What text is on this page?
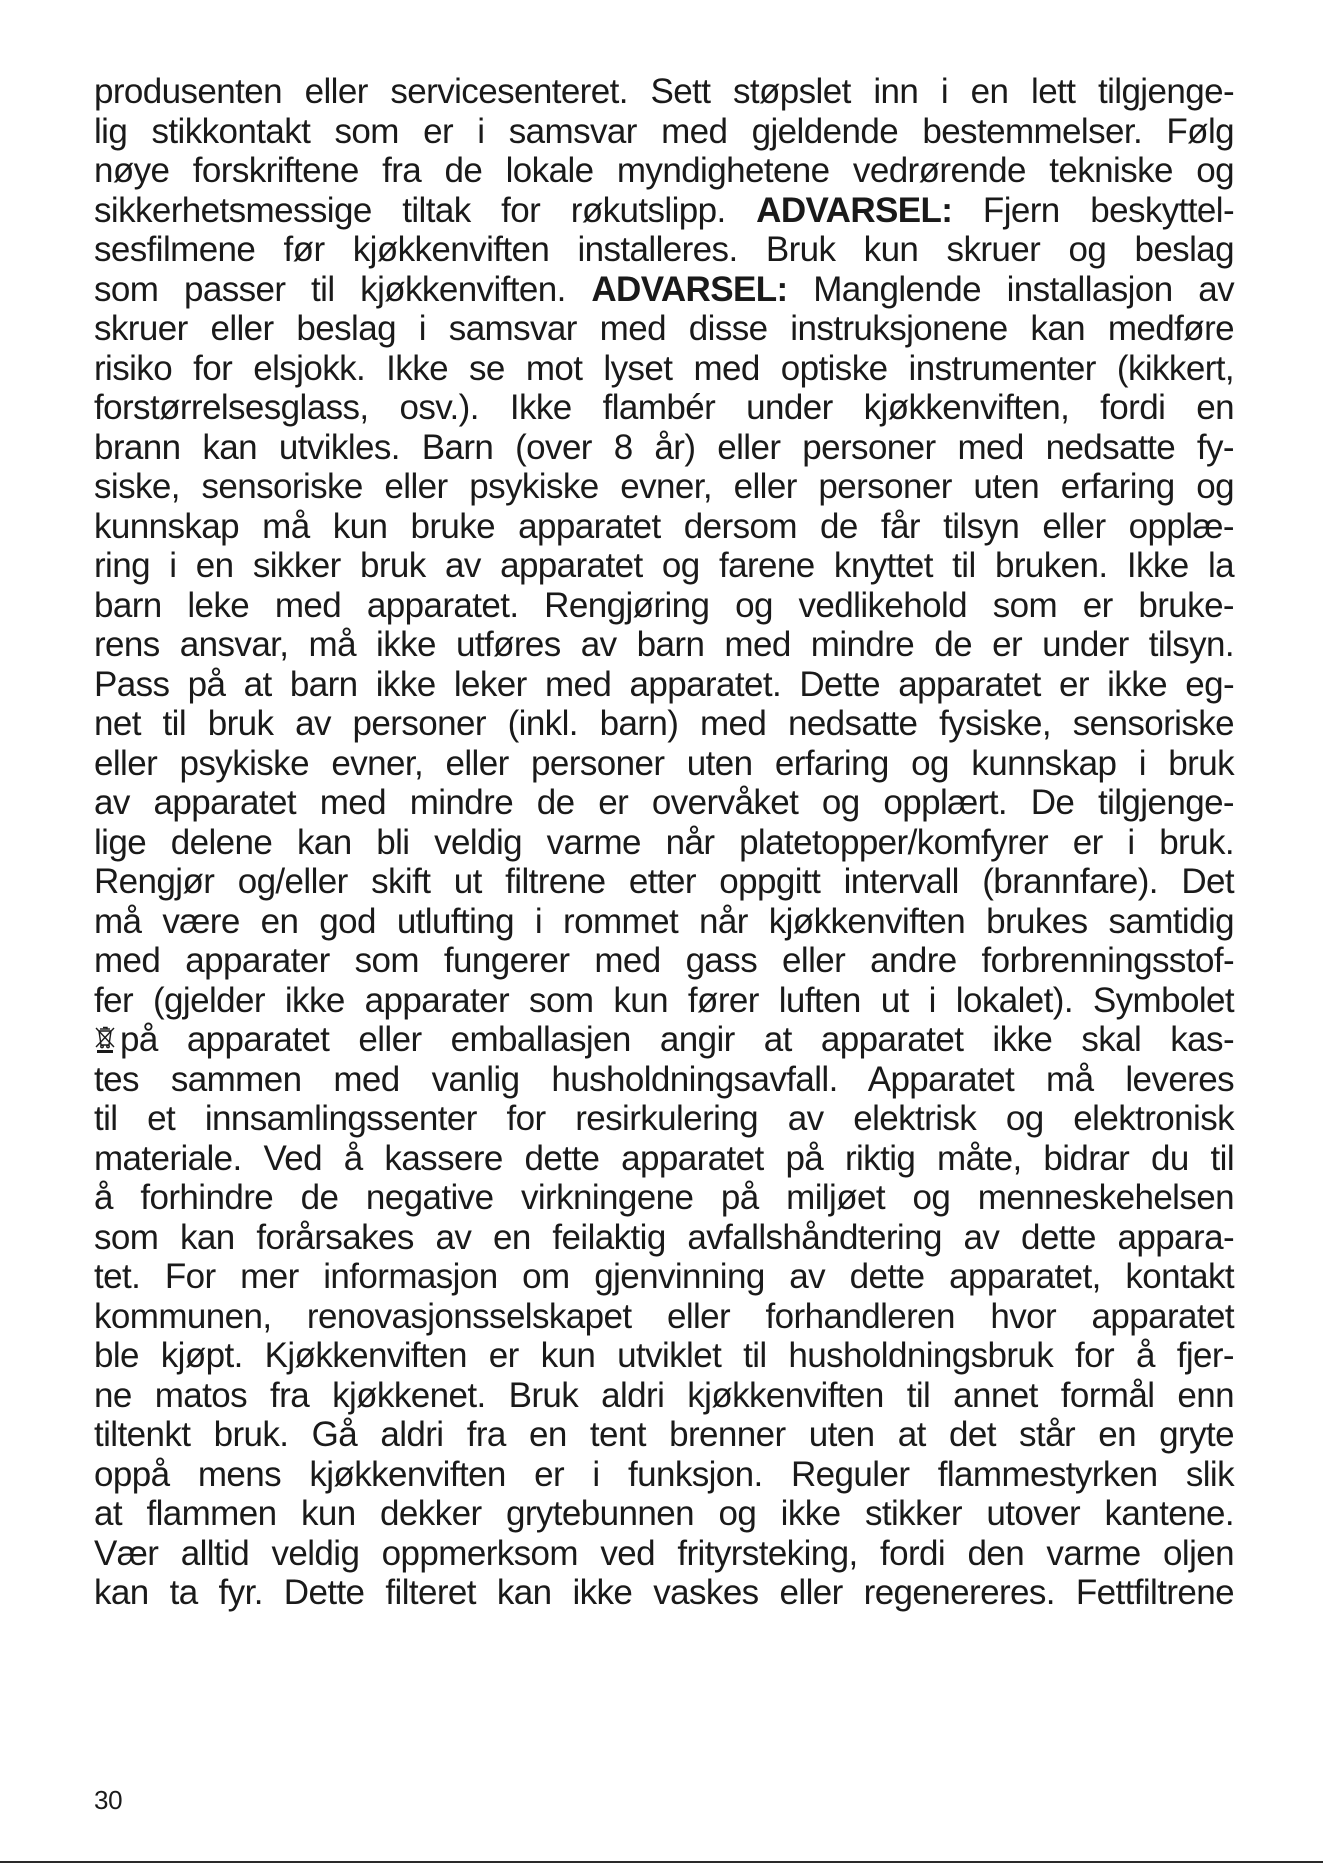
produsenten eller servicesenteret. Sett støpslet inn i en lett tilgjenge-
lig stikkontakt som er i samsvar med gjeldende bestemmelser. Følg
nøye forskriftene fra de lokale myndighetene vedrørende tekniske og
sikkerhetsmessige tiltak for røkutslipp. ADVARSEL: Fjern beskyttel-
sesfilmene før kjøkkenviften installeres. Bruk kun skruer og beslag
som passer til kjøkkenviften. ADVARSEL: Manglende installasjon av
skruer eller beslag i samsvar med disse instruksjonene kan medføre
risiko for elsjokk. Ikke se mot lyset med optiske instrumenter (kikkert,
forstørrelsesglass, osv.). Ikke flambér under kjøkkenviften, fordi en
brann kan utvikles. Barn (over 8 år) eller personer med nedsatte fy-
siske, sensoriske eller psykiske evner, eller personer uten erfaring og
kunnskap må kun bruke apparatet dersom de får tilsyn eller opplæ-
ring i en sikker bruk av apparatet og farene knyttet til bruken. Ikke la
barn leke med apparatet. Rengjøring og vedlikehold som er bruke-
rens ansvar, må ikke utføres av barn med mindre de er under tilsyn.
Pass på at barn ikke leker med apparatet. Dette apparatet er ikke eg-
net til bruk av personer (inkl. barn) med nedsatte fysiske, sensoriske
eller psykiske evner, eller personer uten erfaring og kunnskap i bruk
av apparatet med mindre de er overvåket og opplært. De tilgjenge-
lige delene kan bli veldig varme når platetopper/komfyrer er i bruk.
Rengjør og/eller skift ut filtrene etter oppgitt intervall (brannfare). Det
må være en god utlufting i rommet når kjøkkenviften brukes samtidig
med apparater som fungerer med gass eller andre forbrenningsstof-
fer (gjelder ikke apparater som kun fører luften ut i lokalet). Symbolet
på apparatet eller emballasjen angir at apparatet ikke skal kas-
tes sammen med vanlig husholdningsavfall. Apparatet må leveres
til et innsamlingssenter for resirkulering av elektrisk og elektronisk
materiale. Ved å kassere dette apparatet på riktig måte, bidrar du til
å forhindre de negative virkningene på miljøet og menneskehelsen
som kan forårsakes av en feilaktig avfallshåndtering av dette appara-
tet. For mer informasjon om gjenvinning av dette apparatet, kontakt
kommunen, renovasjonsselskapet eller forhandleren hvor apparatet
ble kjøpt. Kjøkkenviften er kun utviklet til husholdningsbruk for å fjer-
ne matos fra kjøkkenet. Bruk aldri kjøkkenviften til annet formål enn
tiltenkt bruk. Gå aldri fra en tent brenner uten at det står en gryte
oppå mens kjøkkenviften er i funksjon. Reguler flammestyrken slik
at flammen kun dekker grytebunnen og ikke stikker utover kantene.
Vær alltid veldig oppmerksom ved frityrsteking, fordi den varme oljen
kan ta fyr. Dette filteret kan ikke vaskes eller regenereres. Fettfiltrene
30
